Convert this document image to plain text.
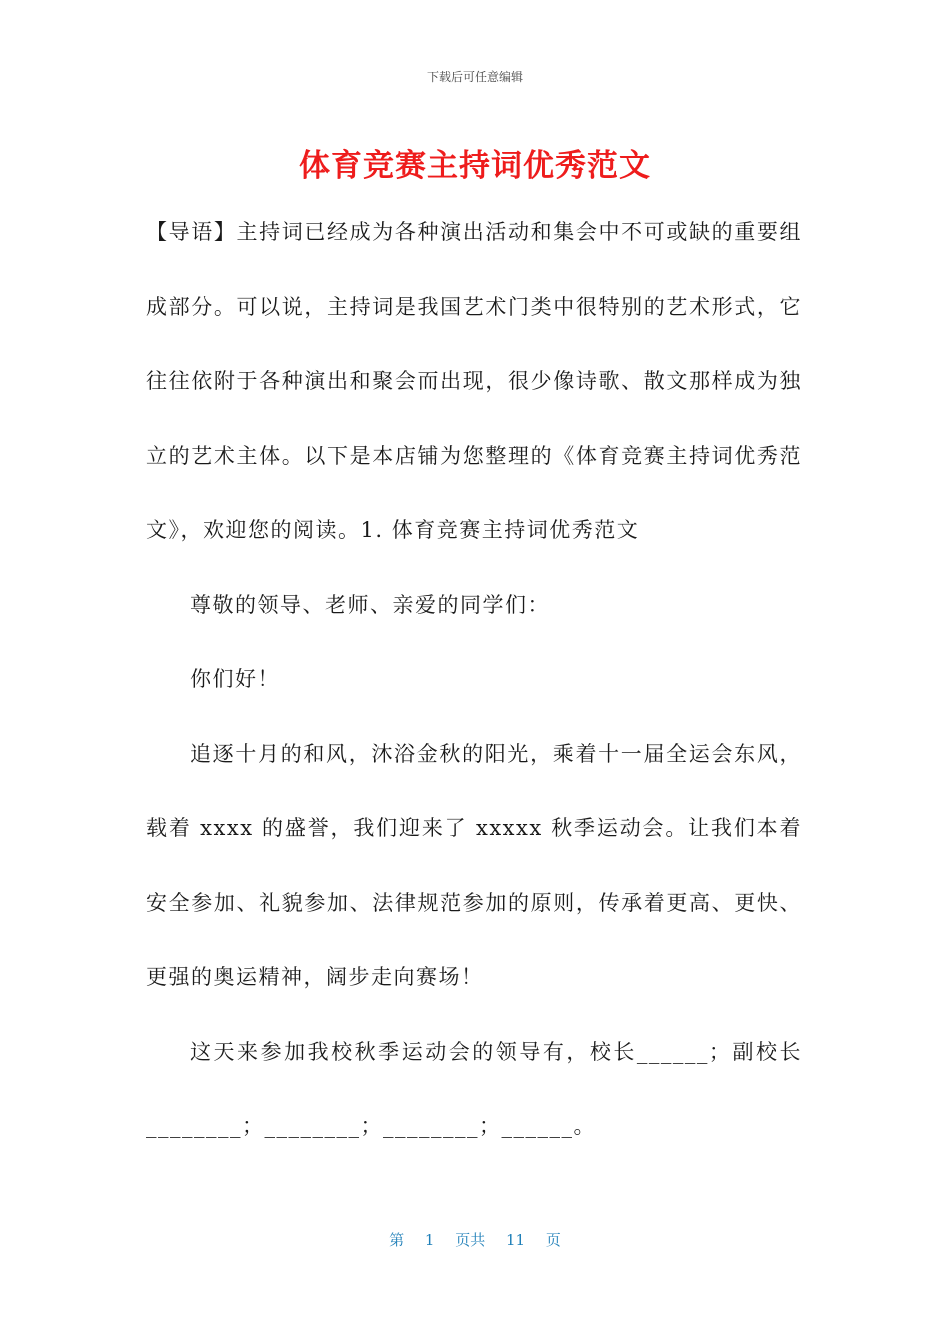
下载后可任意编辑
体育竞赛主持词优秀范文

【导语】主持词已经成为各种演出活动和集会中不可或缺的重要组成部分。可以说，主持词是我国艺术门类中很特别的艺术形式，它往往依附于各种演出和聚会而出现，很少像诗歌、散文那样成为独立的艺术主体。以下是本店铺为您整理的《体育竞赛主持词优秀范文》，欢迎您的阅读。1. 体育竞赛主持词优秀范文

尊敬的领导、老师、亲爱的同学们：

你们好！

追逐十月的和风，沐浴金秋的阳光，乘着十一届全运会东风，载着 xxxx 的盛誉，我们迎来了 xxxxx 秋季运动会。让我们本着安全参加、礼貌参加、法律规范参加的原则，传承着更高、更快、更强的奥运精神，阔步走向赛场！

这天来参加我校秋季运动会的领导有，校长______；副校长________；________；________；______。

第 1 页共 11 页
